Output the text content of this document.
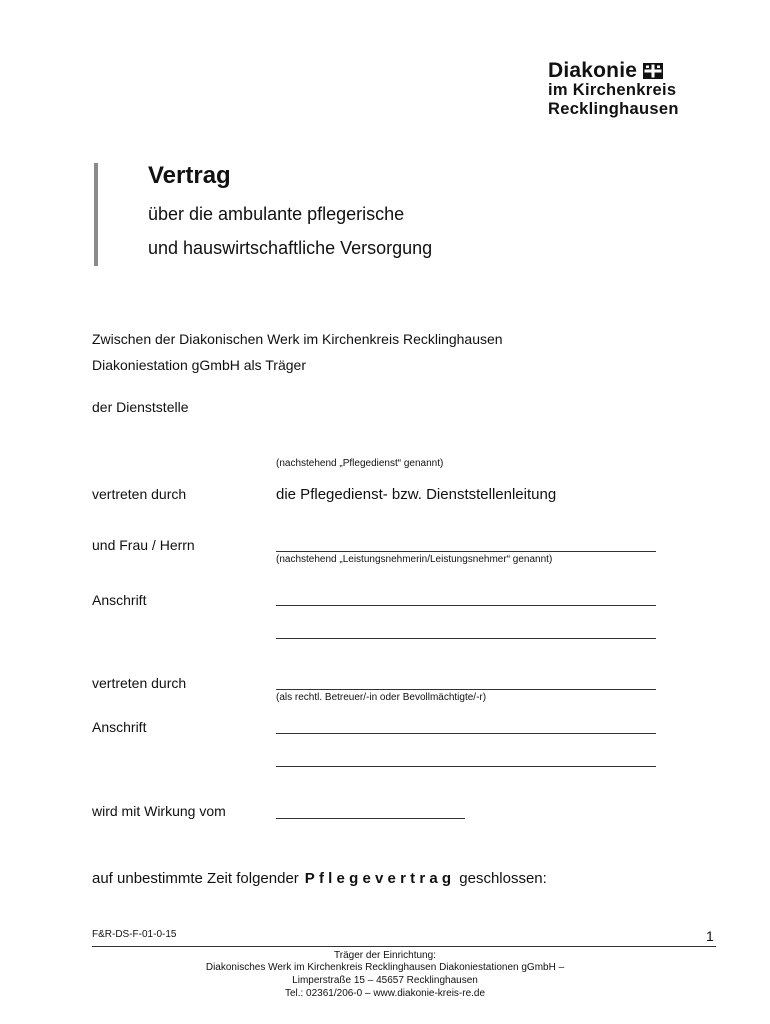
Diakonie
im Kirchenkreis
Recklinghausen
Vertrag
über die ambulante pflegerische
und hauswirtschaftliche Versorgung
Zwischen der Diakonischen Werk im Kirchenkreis Recklinghausen
Diakoniestation gGmbH als Träger
der Dienststelle
(nachstehend „Pflegedienst“ genannt)
vertreten durch	die Pflegedienst- bzw. Dienststellenleitung
und Frau / Herrn
(nachstehend „Leistungsnehmerin/Leistungsnehmer“ genannt)
Anschrift
vertreten durch
(als rechtl. Betreuer/-in oder Bevollmächtigte/-r)
Anschrift
wird mit Wirkung vom
auf unbestimmte Zeit folgender Pflegevertrag geschlossen:
F&R-DS-F-01-0-15	1
Träger der Einrichtung:
Diakonisches Werk im Kirchenkreis Recklinghausen Diakoniestationen gGmbH –
Limperstraße 15 – 45657 Recklinghausen
Tel.: 02361/206-0 – www.diakonie-kreis-re.de
